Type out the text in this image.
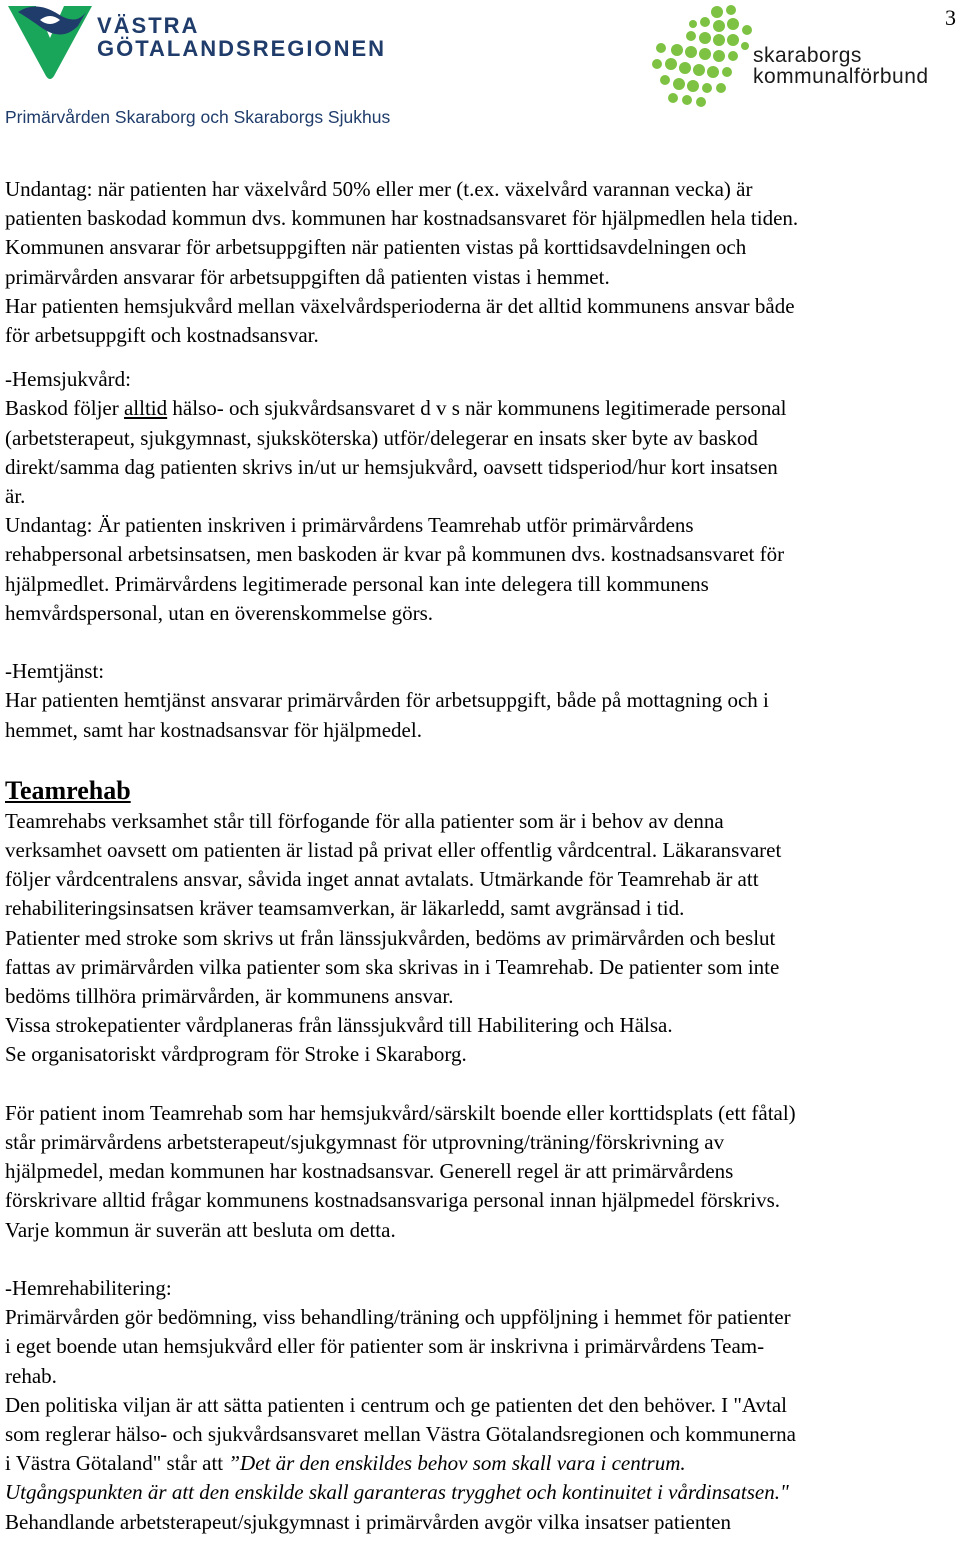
3
VÄSTRA
GÖTALANDSREGIONEN	skaraborgs
kommunalförbund
Primärvården Skaraborg och Skaraborgs Sjukhus

Undantag: när patienten har växelvård 50% eller mer (t.ex. växelvård varannan vecka) är

patienten baskodad kommun dvs. kommunen har kostnadsansvaret för hjälpmedlen hela tiden.

Kommunen ansvarar för arbetsuppgiften när patienten vistas på korttidsavdelningen och

primärvården ansvarar för arbetsuppgiften då patienten vistas i hemmet.

Har patienten hemsjukvård mellan växelvårdsperioderna är det alltid kommunens ansvar både

för arbetsuppgift och kostnadsansvar.

-Hemsjukvård:

Baskod följer alltid hälso- och sjukvårdsansvaret d v s när kommunens legitimerade personal

(arbetsterapeut, sjukgymnast, sjuksköterska) utför/delegerar en insats sker byte av baskod

direkt/samma dag patienten skrivs in/ut ur hemsjukvård, oavsett tidsperiod/hur kort insatsen

är.

Undantag: Är patienten inskriven i primärvårdens Teamrehab utför primärvårdens

rehabpersonal arbetsinsatsen, men baskoden är kvar på kommunen dvs. kostnadsansvaret för

hjälpmedlet. Primärvårdens legitimerade personal kan inte delegera till kommunens

hemvårdspersonal, utan en överenskommelse görs.

-Hemtjänst:

Har patienten hemtjänst ansvarar primärvården för arbetsuppgift, både på mottagning och i

hemmet, samt har kostnadsansvar för hjälpmedel.

Teamrehab

Teamrehabs verksamhet står till förfogande för alla patienter som är i behov av denna

verksamhet oavsett om patienten är listad på privat eller offentlig vårdcentral. Läkaransvaret

följer vårdcentralens ansvar, såvida inget annat avtalats. Utmärkande för Teamrehab är att

rehabiliteringsinsatsen kräver teamsamverkan, är läkarledd, samt avgränsad i tid.

Patienter med stroke som skrivs ut från länssjukvården, bedöms av primärvården och beslut

fattas av primärvården vilka patienter som ska skrivas in i Teamrehab. De patienter som inte

bedöms tillhöra primärvården, är kommunens ansvar.

Vissa strokepatienter vårdplaneras från länssjukvård till Habilitering och Hälsa.

Se organisatoriskt vårdprogram för Stroke i Skaraborg.

För patient inom Teamrehab som har hemsjukvård/särskilt boende eller korttidsplats (ett fåtal)

står primärvårdens arbetsterapeut/sjukgymnast för utprovning/träning/förskrivning av

hjälpmedel, medan kommunen har kostnadsansvar. Generell regel är att primärvårdens

förskrivare alltid frågar kommunens kostnadsansvariga personal innan hjälpmedel förskrivs.

Varje kommun är suverän att besluta om detta.

-Hemrehabilitering:

Primärvården gör bedömning, viss behandling/träning och uppföljning i hemmet för patienter

i eget boende utan hemsjukvård eller för patienter som är inskrivna i primärvårdens Team-

rehab.

Den politiska viljan är att sätta patienten i centrum och ge patienten det den behöver. I "Avtal

som reglerar hälso- och sjukvårdsansvaret mellan Västra Götalandsregionen och kommunerna

i Västra Götaland" står att ”Det är den enskildes behov som skall vara i centrum.

Utgångspunkten är att den enskilde skall garanteras trygghet och kontinuitet i vårdinsatsen."

Behandlande arbetsterapeut/sjukgymnast i primärvården avgör vilka insatser patienten
